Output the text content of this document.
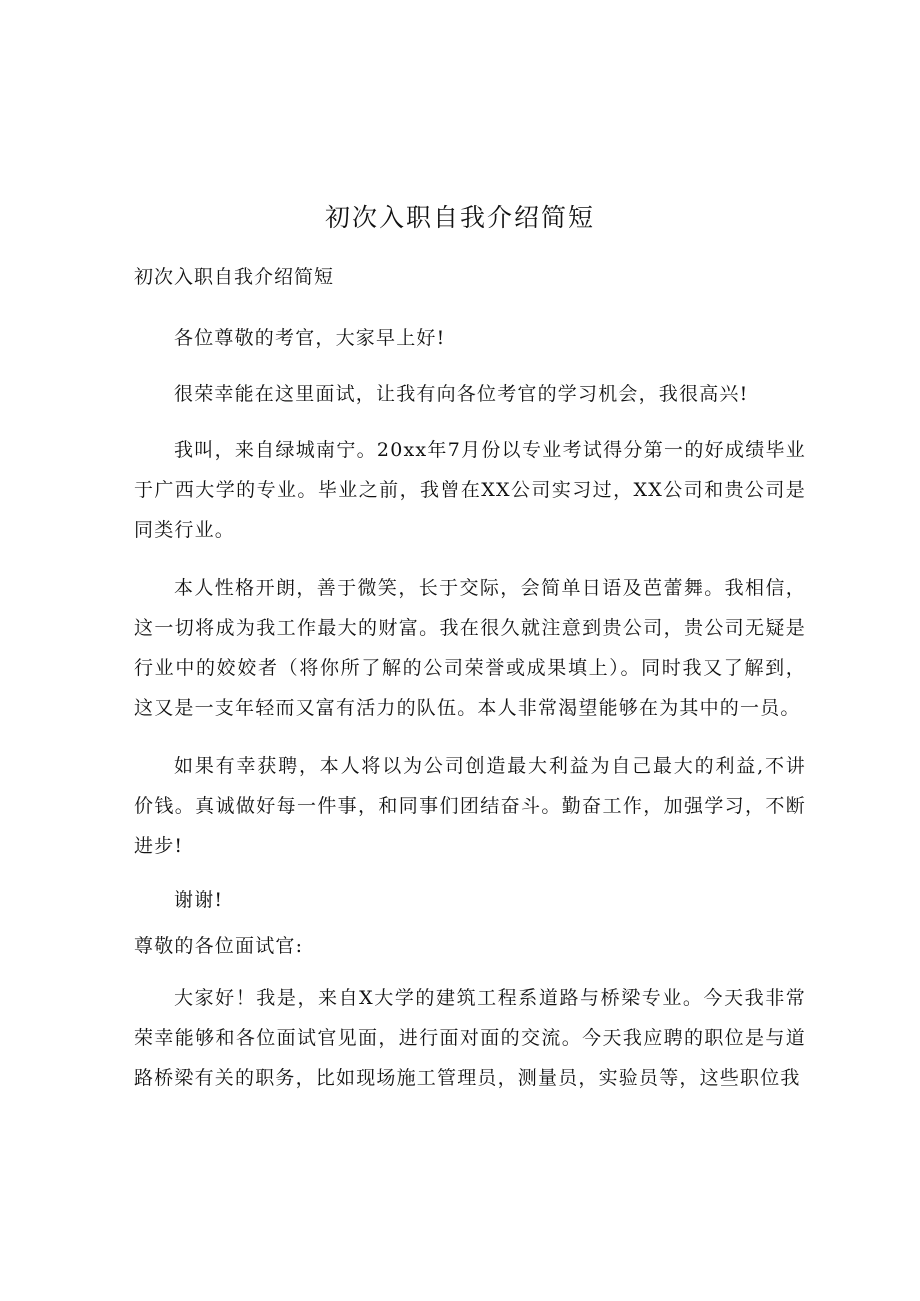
初次入职自我介绍简短

初次入职自我介绍简短

各位尊敬的考官，大家早上好!

很荣幸能在这里面试，让我有向各位考官的学习机会，我很高兴!

我叫，来自绿城南宁。20xx年7月份以专业考试得分第一的好成绩毕业于广西大学的专业。毕业之前，我曾在XX公司实习过，XX公司和贵公司是同类行业。

本人性格开朗，善于微笑，长于交际，会简单日语及芭蕾舞。我相信，这一切将成为我工作最大的财富。我在很久就注意到贵公司，贵公司无疑是行业中的姣姣者（将你所了解的公司荣誉或成果填上）。同时我又了解到，这又是一支年轻而又富有活力的队伍。本人非常渴望能够在为其中的一员。

如果有幸获聘，本人将以为公司创造最大利益为自己最大的利益,不讲价钱。真诚做好每一件事，和同事们团结奋斗。勤奋工作，加强学习，不断进步!

谢谢!

尊敬的各位面试官:

大家好！我是，来自X大学的建筑工程系道路与桥梁专业。今天我非常荣幸能够和各位面试官见面，进行面对面的交流。今天我应聘的职位是与道路桥梁有关的职务，比如现场施工管理员，测量员，实验员等，这些职位我
